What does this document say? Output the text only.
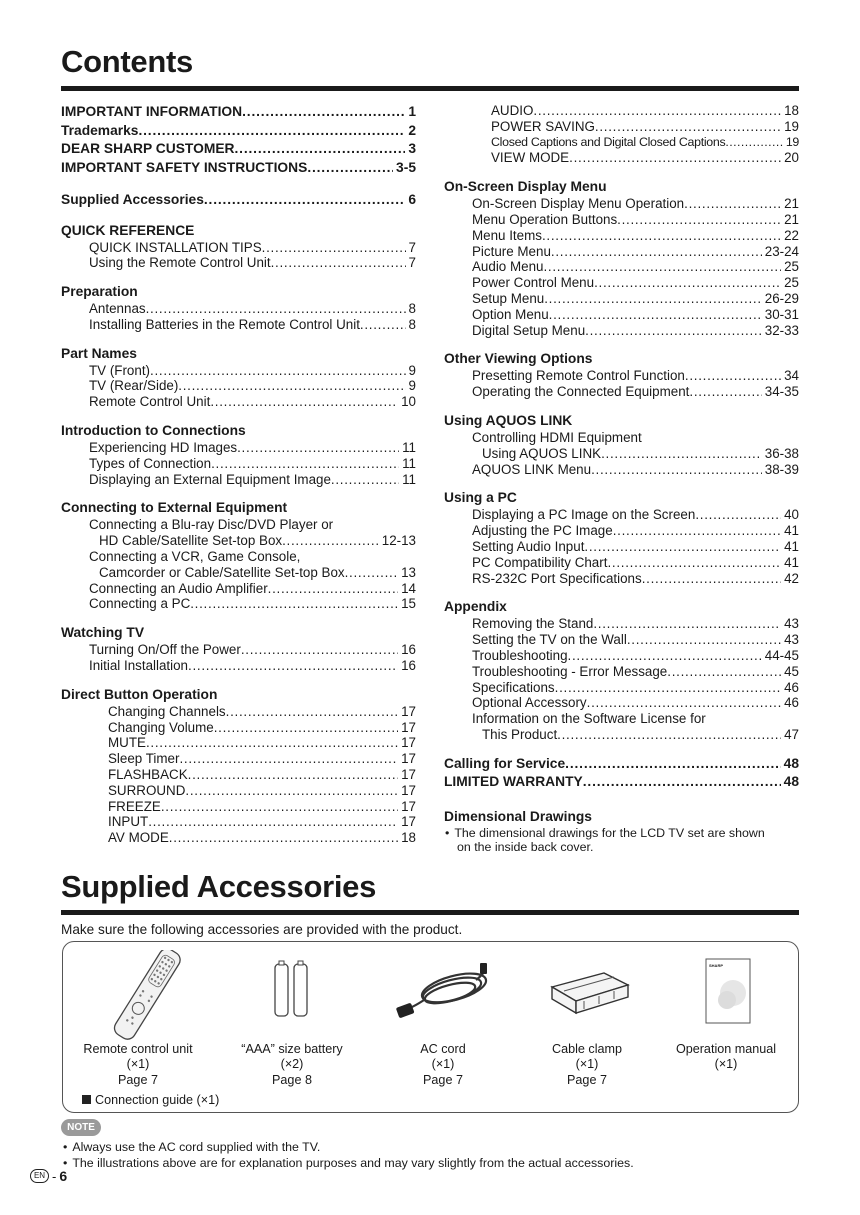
Contents
IMPORTANT INFORMATION . . .	1
Trademarks . . .	2
DEAR SHARP CUSTOMER . . .	3
IMPORTANT SAFETY INSTRUCTIONS . . .	3-5
Supplied Accessories . . .	6
QUICK REFERENCE
QUICK INSTALLATION TIPS . . .	7
Using the Remote Control Unit . . .	7
Preparation
Antennas . . .	8
Installing Batteries in the Remote Control Unit . . .	8
Part Names
TV (Front) . . .	9
TV (Rear/Side) . . .	9
Remote Control Unit . . .	10
Introduction to Connections
Experiencing HD Images . . .	11
Types of Connection . . .	11
Displaying an External Equipment Image . . .	11
Connecting to External Equipment
Connecting a Blu-ray Disc/DVD Player or
HD Cable/Satellite Set-top Box . . .	12-13
Connecting a VCR, Game Console,
Camcorder or Cable/Satellite Set-top Box . . .	13
Connecting an Audio Amplifier . . .	14
Connecting a PC . . .	15
Watching TV
Turning On/Off the Power . . .	16
Initial Installation . . .	16
Direct Button Operation
Changing Channels . . .	17
Changing Volume . . .	17
MUTE . . .	17
Sleep Timer . . .	17
FLASHBACK . . .	17
SURROUND . . .	17
FREEZE . . .	17
INPUT . . .	17
AV MODE . . .	18
AUDIO . . .	18
POWER SAVING . . .	19
Closed Captions and Digital Closed Captions . . .	19
VIEW MODE . . .	20
On-Screen Display Menu
On-Screen Display Menu Operation . . .	21
Menu Operation Buttons . . .	21
Menu Items . . .	22
Picture Menu . . .	23-24
Audio Menu . . .	25
Power Control Menu . . .	25
Setup Menu . . .	26-29
Option Menu . . .	30-31
Digital Setup Menu . . .	32-33
Other Viewing Options
Presetting Remote Control Function . . .	34
Operating the Connected Equipment . . .	34-35
Using AQUOS LINK
Controlling HDMI Equipment
Using AQUOS LINK . . .	36-38
AQUOS LINK Menu . . .	38-39
Using a PC
Displaying a PC Image on the Screen . . .	40
Adjusting the PC Image . . .	41
Setting Audio Input . . .	41
PC Compatibility Chart . . .	41
RS-232C Port Specifications . . .	42
Appendix
Removing the Stand . . .	43
Setting the TV on the Wall . . .	43
Troubleshooting . . .	44-45
Troubleshooting - Error Message . . .	45
Specifications . . .	46
Optional Accessory . . .	46
Information on the Software License for
This Product . . .	47
Calling for Service . . .	48
LIMITED WARRANTY . . .	48
Dimensional Drawings
• The dimensional drawings for the LCD TV set are shown
on the inside back cover.
Supplied Accessories
Make sure the following accessories are provided with the product.
SHARP
Remote control unit
(×1)
Page 7
“AAA” size battery
(×2)
Page 8
AC cord
(×1)
Page 7
Cable clamp
(×1)
Page 7
Operation manual
(×1)
Connection guide (×1)
NOTE
• Always use the AC cord supplied with the TV.
• The illustrations above are for explanation purposes and may vary slightly from the actual accessories.
EN - 6
